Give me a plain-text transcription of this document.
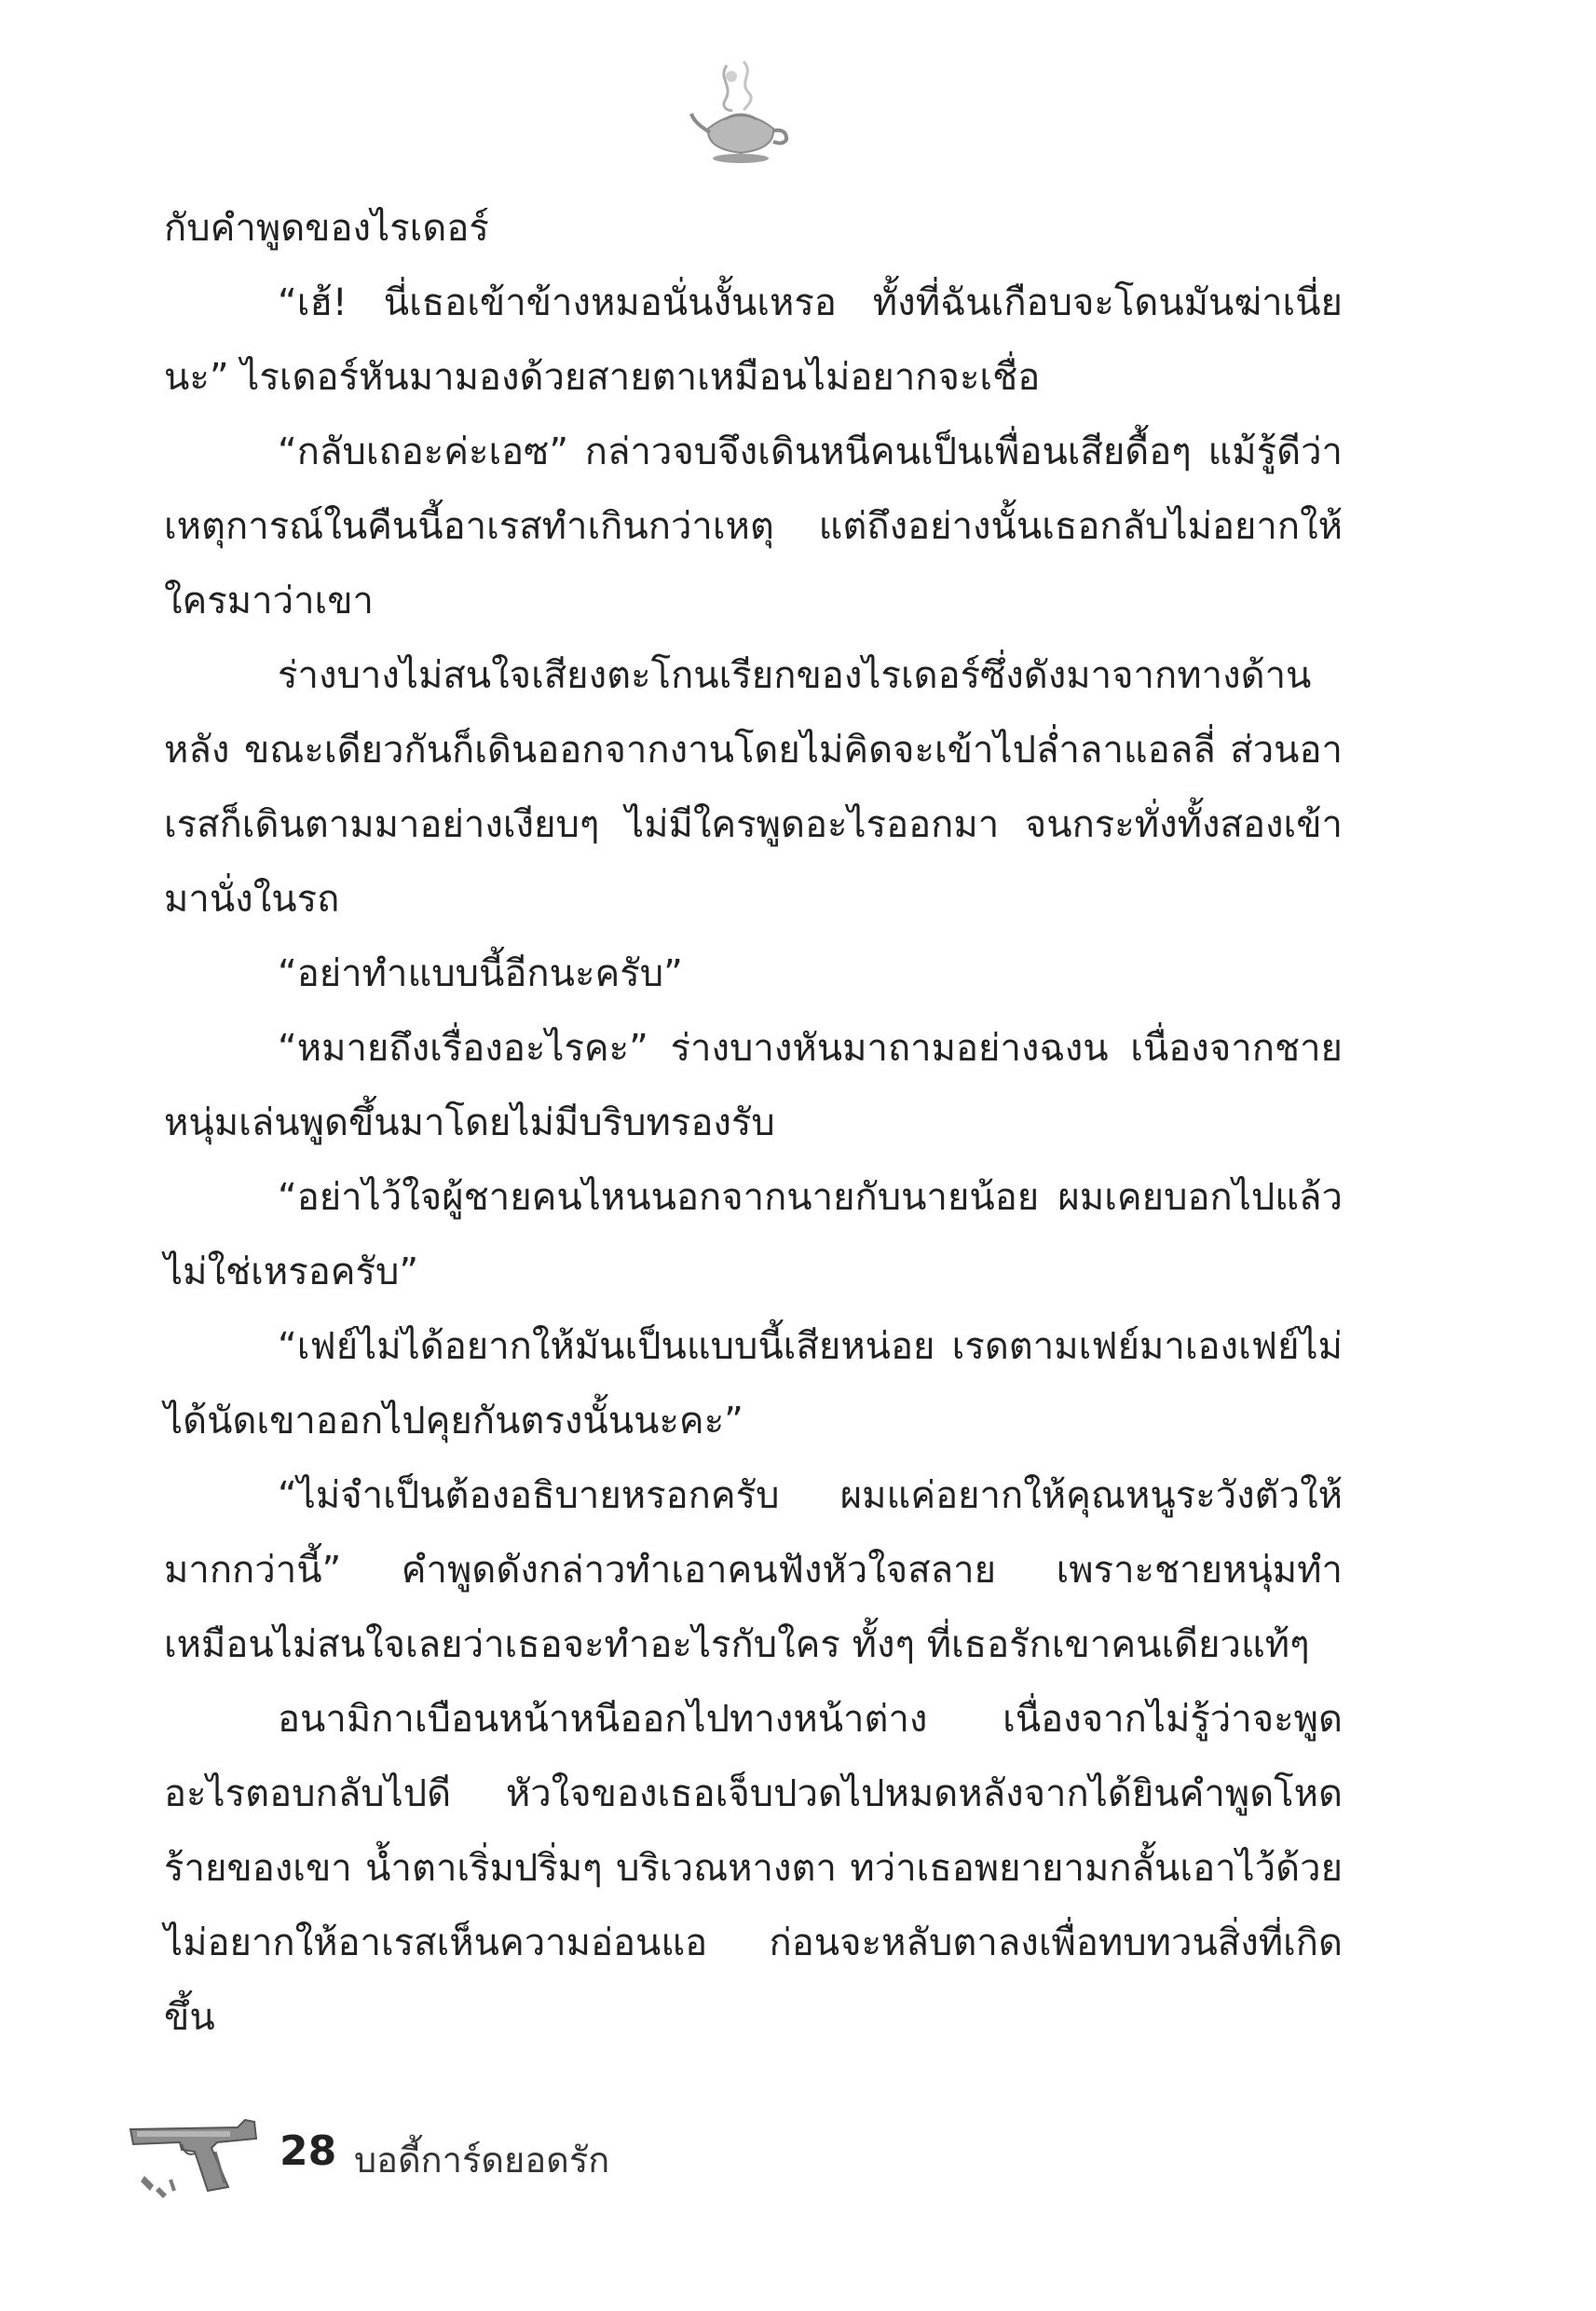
กับคำพูดของไรเดอร์

“เฮ้! นี่เธอเข้าข้างหมอนั่นงั้นเหรอ ทั้งที่ฉันเกือบจะโดนมันฆ่าเนี่ยนะ” ไรเดอร์หันมามองด้วยสายตาเหมือนไม่อยากจะเชื่อ

“กลับเถอะค่ะเอซ” กล่าวจบจึงเดินหนีคนเป็นเพื่อนเสียดื้อๆ แม้รู้ดีว่าเหตุการณ์ในคืนนี้อาเรสทำเกินกว่าเหตุ แต่ถึงอย่างนั้นเธอกลับไม่อยากให้ใครมาว่าเขา

ร่างบางไม่สนใจเสียงตะโกนเรียกของไรเดอร์ซึ่งดังมาจากทางด้านหลัง ขณะเดียวกันก็เดินออกจากงานโดยไม่คิดจะเข้าไปล่ำลาแอลลี่ ส่วนอาเรสก็เดินตามมาอย่างเงียบๆ ไม่มีใครพูดอะไรออกมา จนกระทั่งทั้งสองเข้ามานั่งในรถ

“อย่าทำแบบนี้อีกนะครับ”

“หมายถึงเรื่องอะไรคะ” ร่างบางหันมาถามอย่างฉงน เนื่องจากชายหนุ่มเล่นพูดขึ้นมาโดยไม่มีบริบทรองรับ

“อย่าไว้ใจผู้ชายคนไหนนอกจากนายกับนายน้อย ผมเคยบอกไปแล้วไม่ใช่เหรอครับ”

“เฟย์ไม่ได้อยากให้มันเป็นแบบนี้เสียหน่อย เรดตามเฟย์มาเองเฟย์ไม่ได้นัดเขาออกไปคุยกันตรงนั้นนะคะ”

“ไม่จำเป็นต้องอธิบายหรอกครับ ผมแค่อยากให้คุณหนูระวังตัวให้มากกว่านี้” คำพูดดังกล่าวทำเอาคนฟังหัวใจสลาย เพราะชายหนุ่มทำเหมือนไม่สนใจเลยว่าเธอจะทำอะไรกับใคร ทั้งๆ ที่เธอรักเขาคนเดียวแท้ๆ

อนามิกาเบือนหน้าหนีออกไปทางหน้าต่าง เนื่องจากไม่รู้ว่าจะพูดอะไรตอบกลับไปดี หัวใจของเธอเจ็บปวดไปหมดหลังจากได้ยินคำพูดโหดร้ายของเขา น้ำตาเริ่มปริ่มๆ บริเวณหางตา ทว่าเธอพยายามกลั้นเอาไว้ด้วยไม่อยากให้อาเรสเห็นความอ่อนแอ ก่อนจะหลับตาลงเพื่อทบทวนสิ่งที่เกิดขึ้น

28 บอดี้การ์ดยอดรัก
